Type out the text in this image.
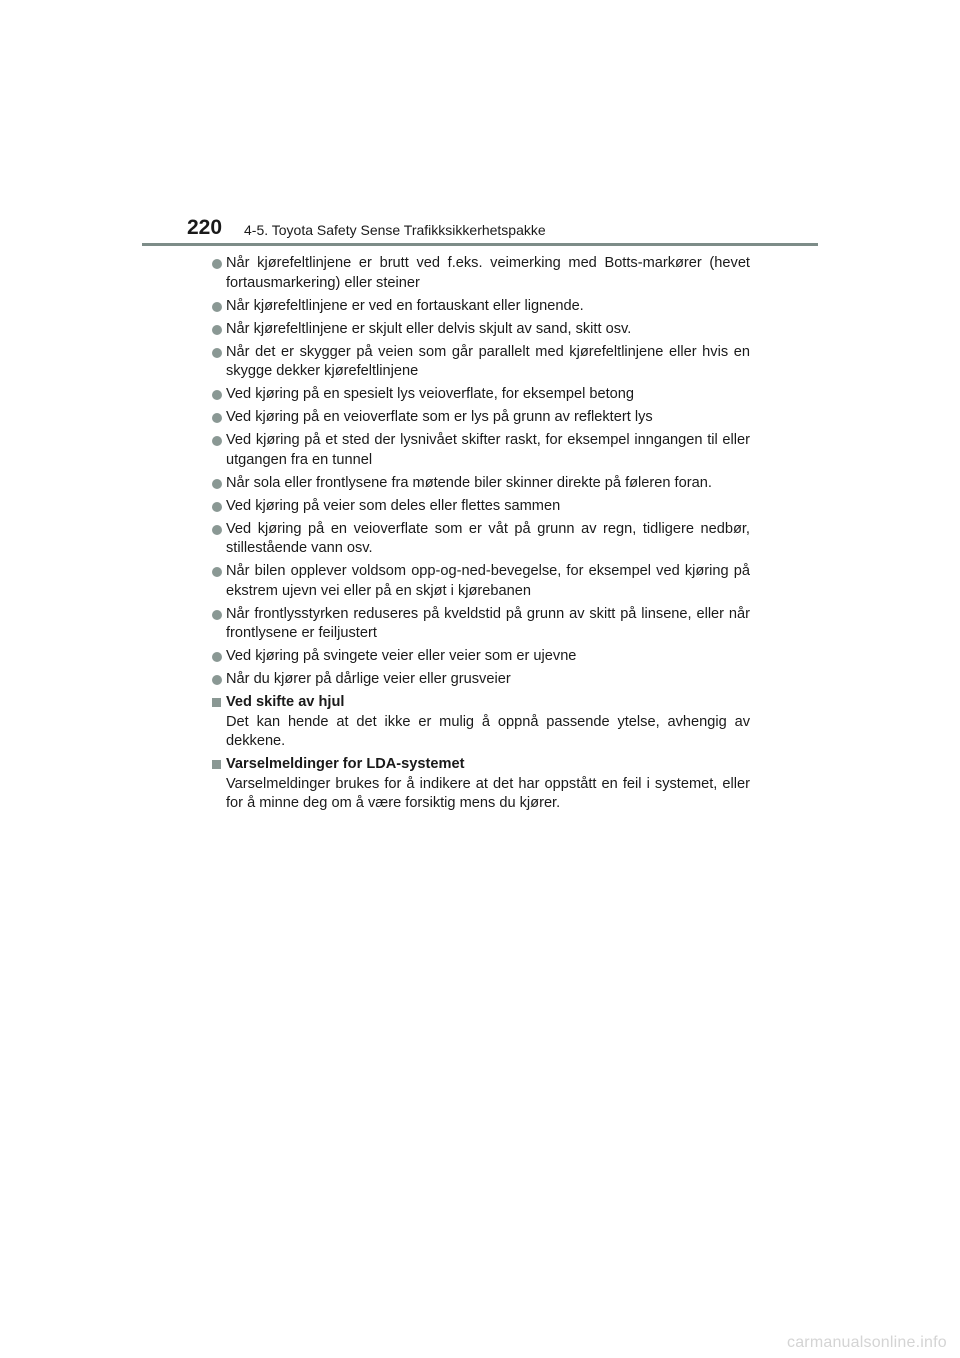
220 4-5. Toyota Safety Sense Trafikksikkerhetspakke
Når kjørefeltlinjene er brutt ved f.eks. veimerking med Botts-markører (hevet fortausmarkering) eller steiner
Når kjørefeltlinjene er ved en fortauskant eller lignende.
Når kjørefeltlinjene er skjult eller delvis skjult av sand, skitt osv.
Når det er skygger på veien som går parallelt med kjørefeltlinjene eller hvis en skygge dekker kjørefeltlinjene
Ved kjøring på en spesielt lys veioverflate, for eksempel betong
Ved kjøring på en veioverflate som er lys på grunn av reflektert lys
Ved kjøring på et sted der lysnivået skifter raskt, for eksempel inngangen til eller utgangen fra en tunnel
Når sola eller frontlysene fra møtende biler skinner direkte på føleren foran.
Ved kjøring på veier som deles eller flettes sammen
Ved kjøring på en veioverflate som er våt på grunn av regn, tidligere nedbør, stillestående vann osv.
Når bilen opplever voldsom opp-og-ned-bevegelse, for eksempel ved kjøring på ekstrem ujevn vei eller på en skjøt i kjørebanen
Når frontlysstyrken reduseres på kveldstid på grunn av skitt på linsene, eller når frontlysene er feiljustert
Ved kjøring på svingete veier eller veier som er ujevne
Når du kjører på dårlige veier eller grusveier
Ved skifte av hjul
Det kan hende at det ikke er mulig å oppnå passende ytelse, avhengig av dekkene.
Varselmeldinger for LDA-systemet
Varselmeldinger brukes for å indikere at det har oppstått en feil i systemet, eller for å minne deg om å være forsiktig mens du kjører.
carmanualsonline.info
